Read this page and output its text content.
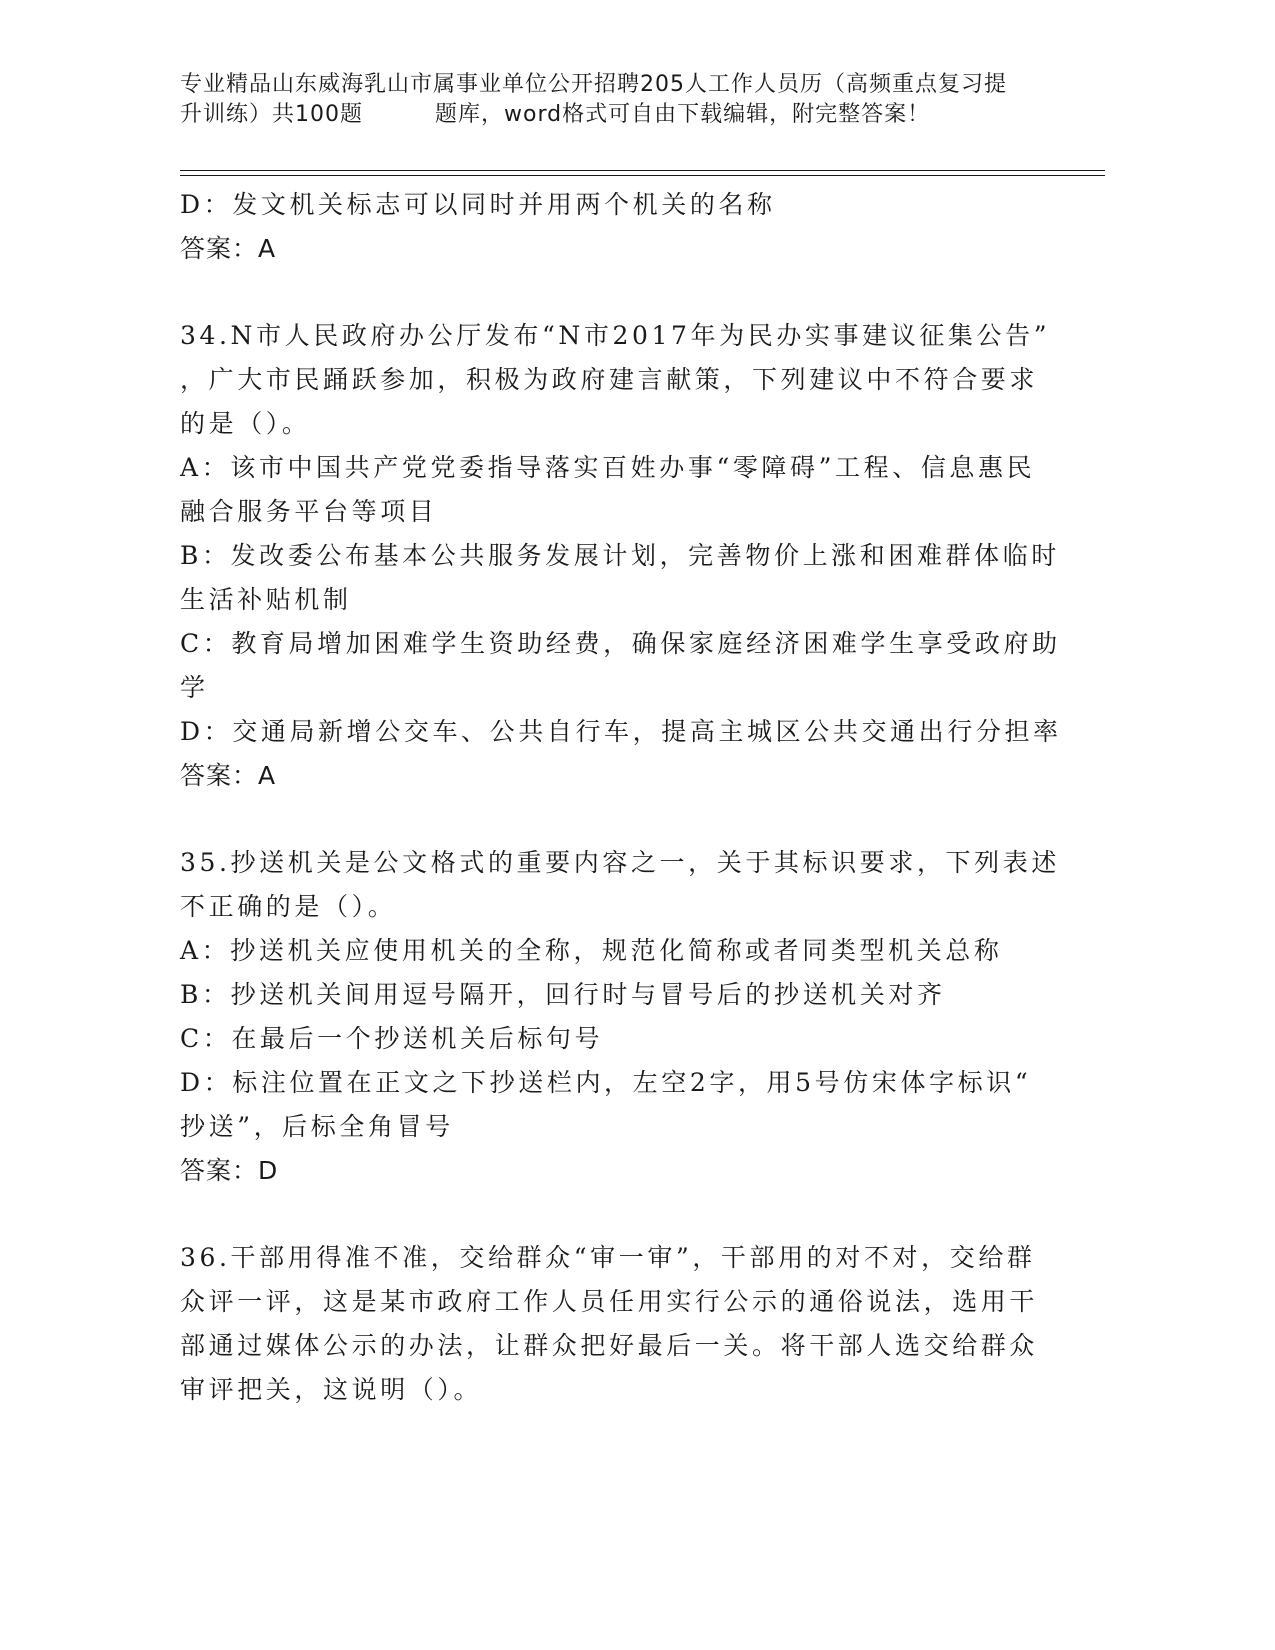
专业精品山东威海乳山市属事业单位公开招聘205人工作人员历（高频重点复习提
升训练）共100题	题库，word格式可自由下载编辑，附完整答案！
D：发文机关标志可以同时并用两个机关的名称
答案：A
34.N市人民政府办公厅发布“N市2017年为民办实事建议征集公告”
，广大市民踊跃参加，积极为政府建言献策，下列建议中不符合要求
的是（）。
A：该市中国共产党党委指导落实百姓办事“零障碍”工程、信息惠民
融合服务平台等项目
B：发改委公布基本公共服务发展计划，完善物价上涨和困难群体临时
生活补贴机制
C：教育局增加困难学生资助经费，确保家庭经济困难学生享受政府助
学
D：交通局新增公交车、公共自行车，提高主城区公共交通出行分担率
答案：A
35.抄送机关是公文格式的重要内容之一，关于其标识要求，下列表述
不正确的是（）。
A：抄送机关应使用机关的全称，规范化简称或者同类型机关总称
B：抄送机关间用逗号隔开，回行时与冒号后的抄送机关对齐
C：在最后一个抄送机关后标句号
D：标注位置在正文之下抄送栏内，左空2字，用5号仿宋体字标识“
抄送”，后标全角冒号
答案：D
36.干部用得准不准，交给群众“审一审”，干部用的对不对，交给群
众评一评，这是某市政府工作人员任用实行公示的通俗说法，选用干
部通过媒体公示的办法，让群众把好最后一关。将干部人选交给群众
审评把关，这说明（）。
